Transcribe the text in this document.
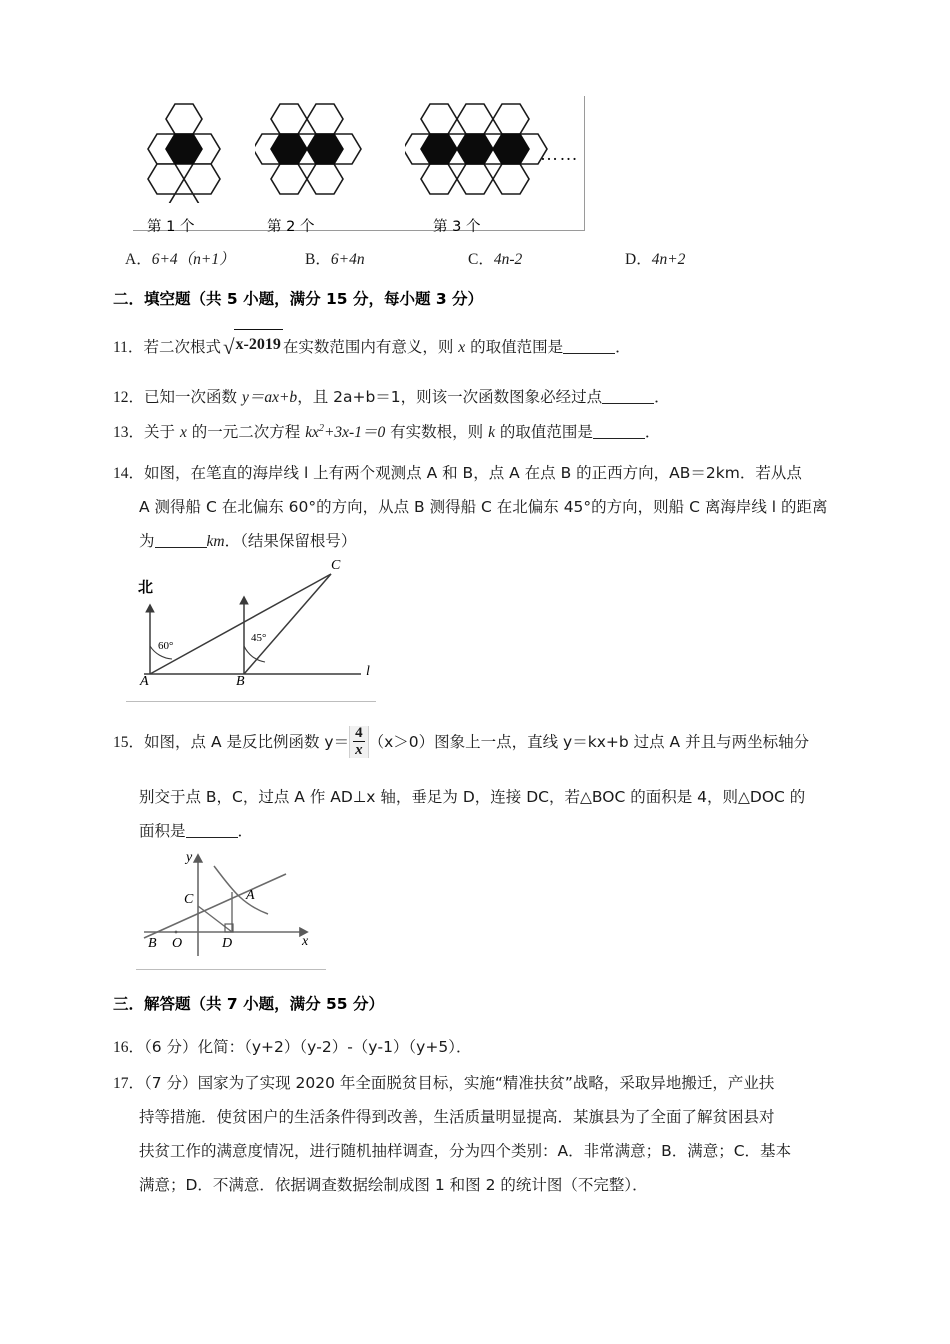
第 1 个	第 2 个	第 3 个
……
A．6+4（n+1）	B．6+4n	C．4n‑2	D．4n+2
二．填空题（共 5 小题，满分 15 分，每小题 3 分）
11．若二次根式√x‑2019 在实数范围内有意义，则 x 的取值范围是	．
12．已知一次函数 y＝ax+b，且 2a+b＝1，则该一次函数图象必经过点	．
13．关于 x 的一元二次方程 $kx^2+3x‑1=0$ 有实数根，则 k 的取值范围是	．
14．如图，在笔直的海岸线 l 上有两个观测点 A 和 B，点 A 在点 B 的正西方向，AB＝2km．若从点
A 测得船 C 在北偏东 60°的方向，从点 B 测得船 C 在北偏东 45°的方向，则船 C 离海岸线 l 的距离
为	km．（结果保留根号）
北
A	B
C
l
60°
45°
15．如图，点 A 是反比例函数 $y= \frac{4}{x} (x>0)$图象上一点，直线 y＝kx+b 过点 A 并且与两坐标轴分
别交于点 B，C，过点 A 作 AD⊥x 轴，垂足为 D，连接 DC，若△BOC 的面积是 4，则△DOC 的
面积是	．
y
x
B O	D
C	A
三．解答题（共 7 小题，满分 55 分）
16．（6 分）化简：（y+2）（y‑2）‑（y‑1）（y+5）．
17．（7 分）国家为了实现 2020 年全面脱贫目标，实施“精准扶贫”战略，采取异地搬迁，产业扶
持等措施．使贫困户的生活条件得到改善，生活质量明显提高．某旗县为了全面了解贫困县对
扶贫工作的满意度情况，进行随机抽样调查，分为四个类别：A．非常满意；B．满意；C．基本
满意；D．不满意．依据调查数据绘制成图 1 和图 2 的统计图（不完整）．
